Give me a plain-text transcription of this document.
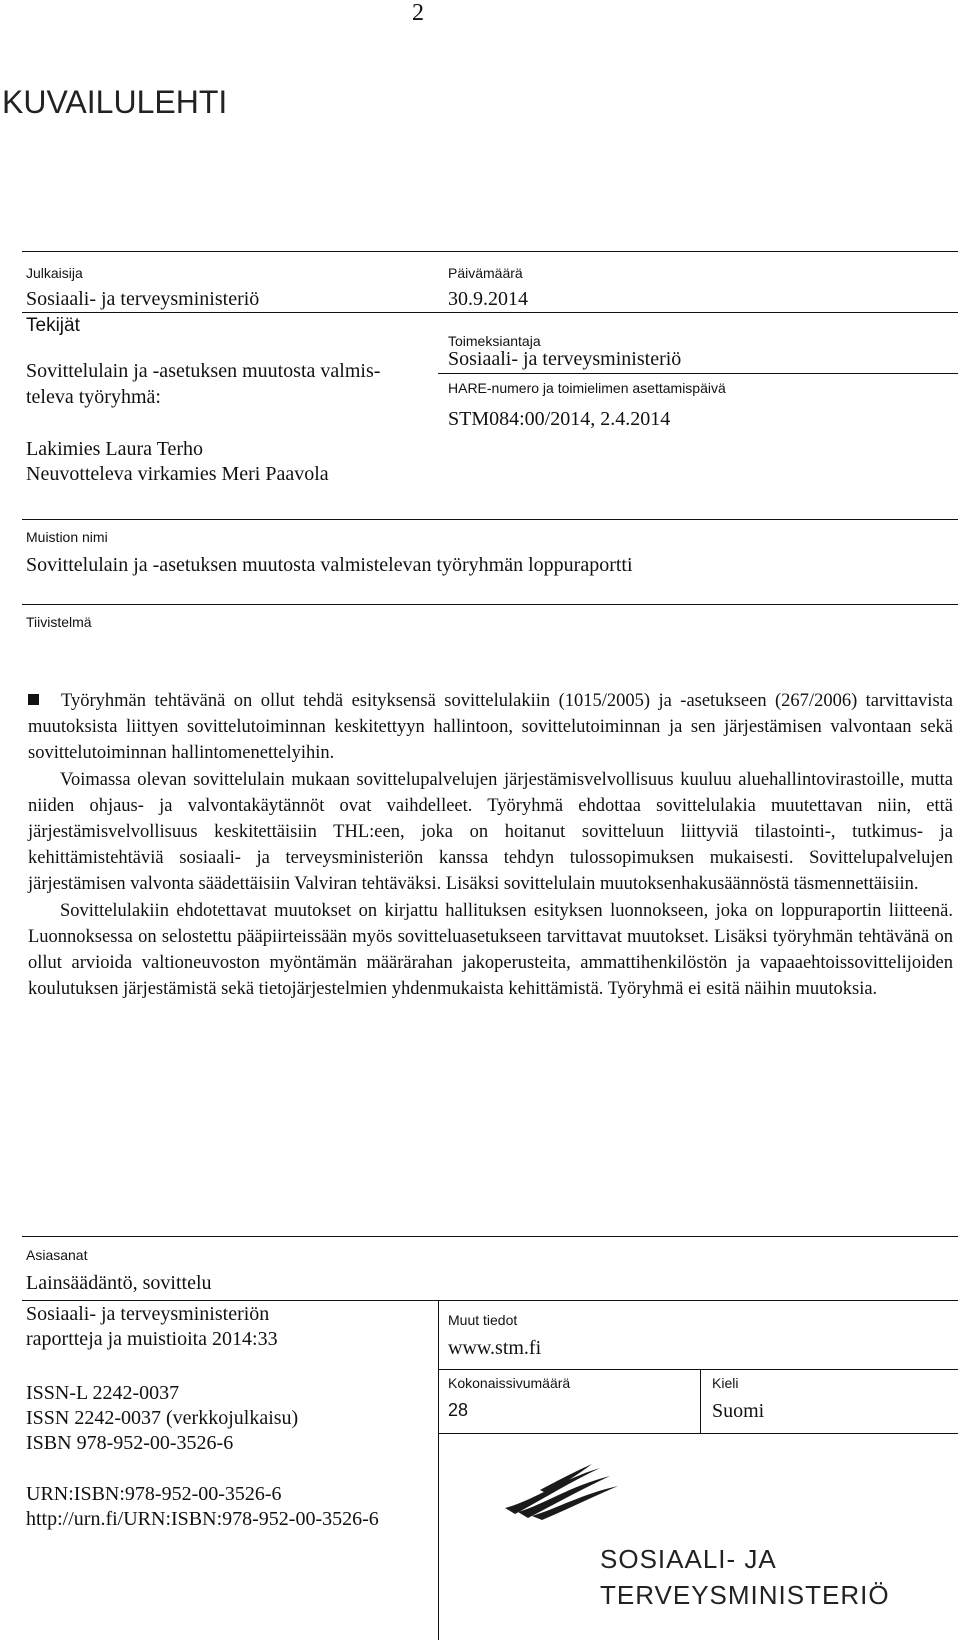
2
KUVAILULEHTI
Julkaisija
Sosiaali- ja terveysministeriö
Päivämäärä
30.9.2014
Tekijät
Sovittelulain ja -asetuksen muutosta valmis-
televa työryhmä:
Lakimies Laura Terho
Neuvotteleva virkamies Meri Paavola
Toimeksiantaja
Sosiaali- ja terveysministeriö
HARE-numero ja toimielimen asettamispäivä
STM084:00/2014, 2.4.2014
Muistion nimi
Sovittelulain ja -asetuksen muutosta valmistelevan työryhmän loppuraportti
Tiivistelmä

Työryhmän tehtävänä on ollut tehdä esityksensä sovittelulakiin (1015/2005) ja -asetukseen (267/2006) tarvittavista muutoksista liittyen sovittelutoiminnan keskitettyyn hallintoon, sovittelutoiminnan ja sen järjestämisen valvontaan sekä sovittelutoiminnan hallintomenettelyihin.

Voimassa olevan sovittelulain mukaan sovittelupalvelujen järjestämisvelvollisuus kuuluu aluehallintovirastoille, mutta niiden ohjaus- ja valvontakäytännöt ovat vaihdelleet. Työryhmä ehdottaa sovittelulakia muutettavan niin, että järjestämisvelvollisuus keskitettäisiin THL:een, joka on hoitanut sovitteluun liittyviä tilastointi-, tutkimus- ja kehittämistehtäviä sosiaali- ja terveysministeriön kanssa tehdyn tulossopimuksen mukaisesti. Sovittelupalvelujen järjestämisen valvonta säädettäisiin Valviran tehtäväksi. Lisäksi sovittelulain muutoksenhakusäännöstä täsmennettäisiin.

Sovittelulakiin ehdotettavat muutokset on kirjattu hallituksen esityksen luonnokseen, joka on loppuraportin liitteenä. Luonnoksessa on selostettu pääpiirteissään myös sovitteluasetukseen tarvittavat muutokset. Lisäksi työryhmän tehtävänä on ollut arvioida valtioneuvoston myöntämän määrärahan jakoperusteita, ammattihenkilöstön ja vapaaehtoissovittelijoiden koulutuksen järjestämistä sekä tietojärjestelmien yhdenmukaista kehittämistä. Työryhmä ei esitä näihin muutoksia.

Asiasanat
Lainsäädäntö, sovittelu
Sosiaali- ja terveysministeriön
raportteja ja muistioita 2014:33
ISSN-L 2242-0037
ISSN 2242-0037 (verkkojulkaisu)
ISBN 978-952-00-3526-6
URN:ISBN:978-952-00-3526-6
http://urn.fi/URN:ISBN:978-952-00-3526-6
Muut tiedot
www.stm.fi
Kokonaissivumäärä
28
Kieli
Suomi
SOSIAALI- JA
TERVEYSMINISTERIÖ
